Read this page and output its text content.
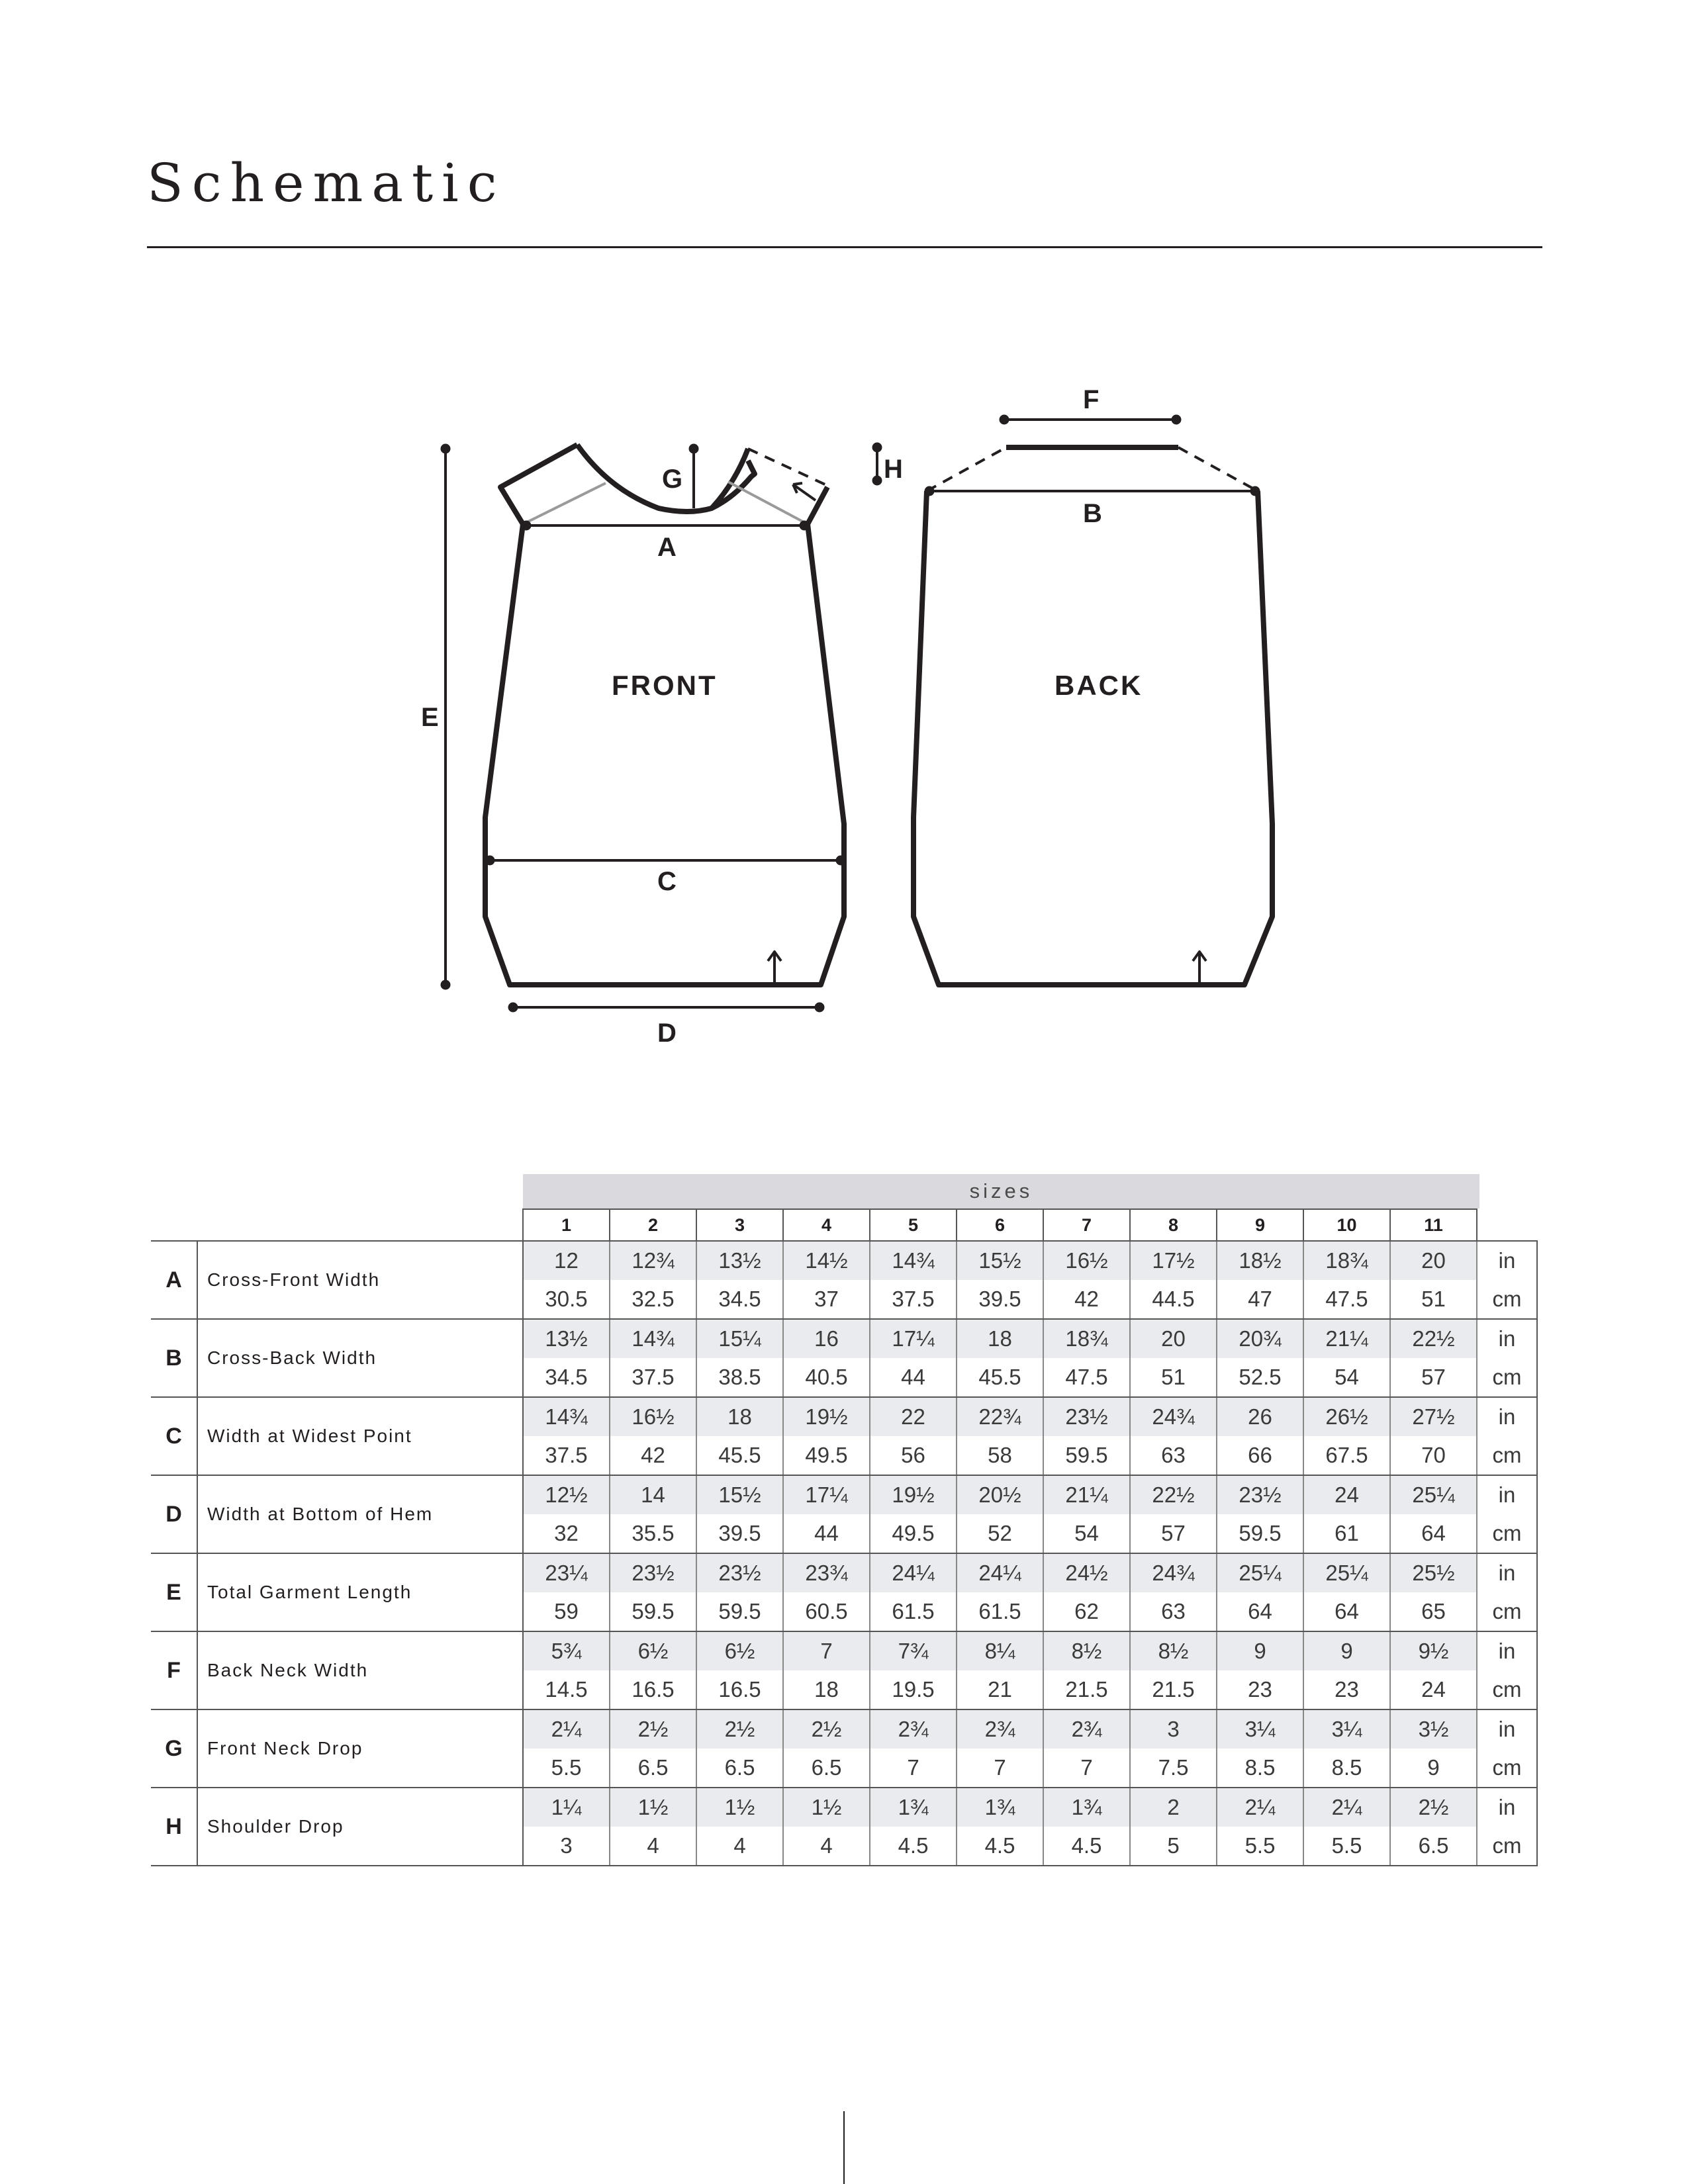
Schematic
A
B
C
D
E
F
G	H
FRONT	BACK
sizes
		1	2	3	4	5	6	7	8	9	10	11	
A	Cross-Front Width	12	12¾	13½	14½	14¾	15½	16½	17½	18½	18¾	20	in
		30.5	32.5	34.5	37	37.5	39.5	42	44.5	47	47.5	51	cm
B	Cross-Back Width	13½	14¾	15¼	16	17¼	18	18¾	20	20¾	21¼	22½	in
		34.5	37.5	38.5	40.5	44	45.5	47.5	51	52.5	54	57	cm
C	Width at Widest Point	14¾	16½	18	19½	22	22¾	23½	24¾	26	26½	27½	in
		37.5	42	45.5	49.5	56	58	59.5	63	66	67.5	70	cm
D	Width at Bottom of Hem	12½	14	15½	17¼	19½	20½	21¼	22½	23½	24	25¼	in
		32	35.5	39.5	44	49.5	52	54	57	59.5	61	64	cm
E	Total Garment Length	23¼	23½	23½	23¾	24¼	24¼	24½	24¾	25¼	25¼	25½	in
		59	59.5	59.5	60.5	61.5	61.5	62	63	64	64	65	cm
F	Back Neck Width	5¾	6½	6½	7	7¾	8¼	8½	8½	9	9	9½	in
		14.5	16.5	16.5	18	19.5	21	21.5	21.5	23	23	24	cm
G	Front Neck Drop	2¼	2½	2½	2½	2¾	2¾	2¾	3	3¼	3¼	3½	in
		5.5	6.5	6.5	6.5	7	7	7	7.5	8.5	8.5	9	cm
H	Shoulder Drop	1¼	1½	1½	1½	1¾	1¾	1¾	2	2¼	2¼	2½	in
		3	4	4	4	4.5	4.5	4.5	5	5.5	5.5	6.5	cm
